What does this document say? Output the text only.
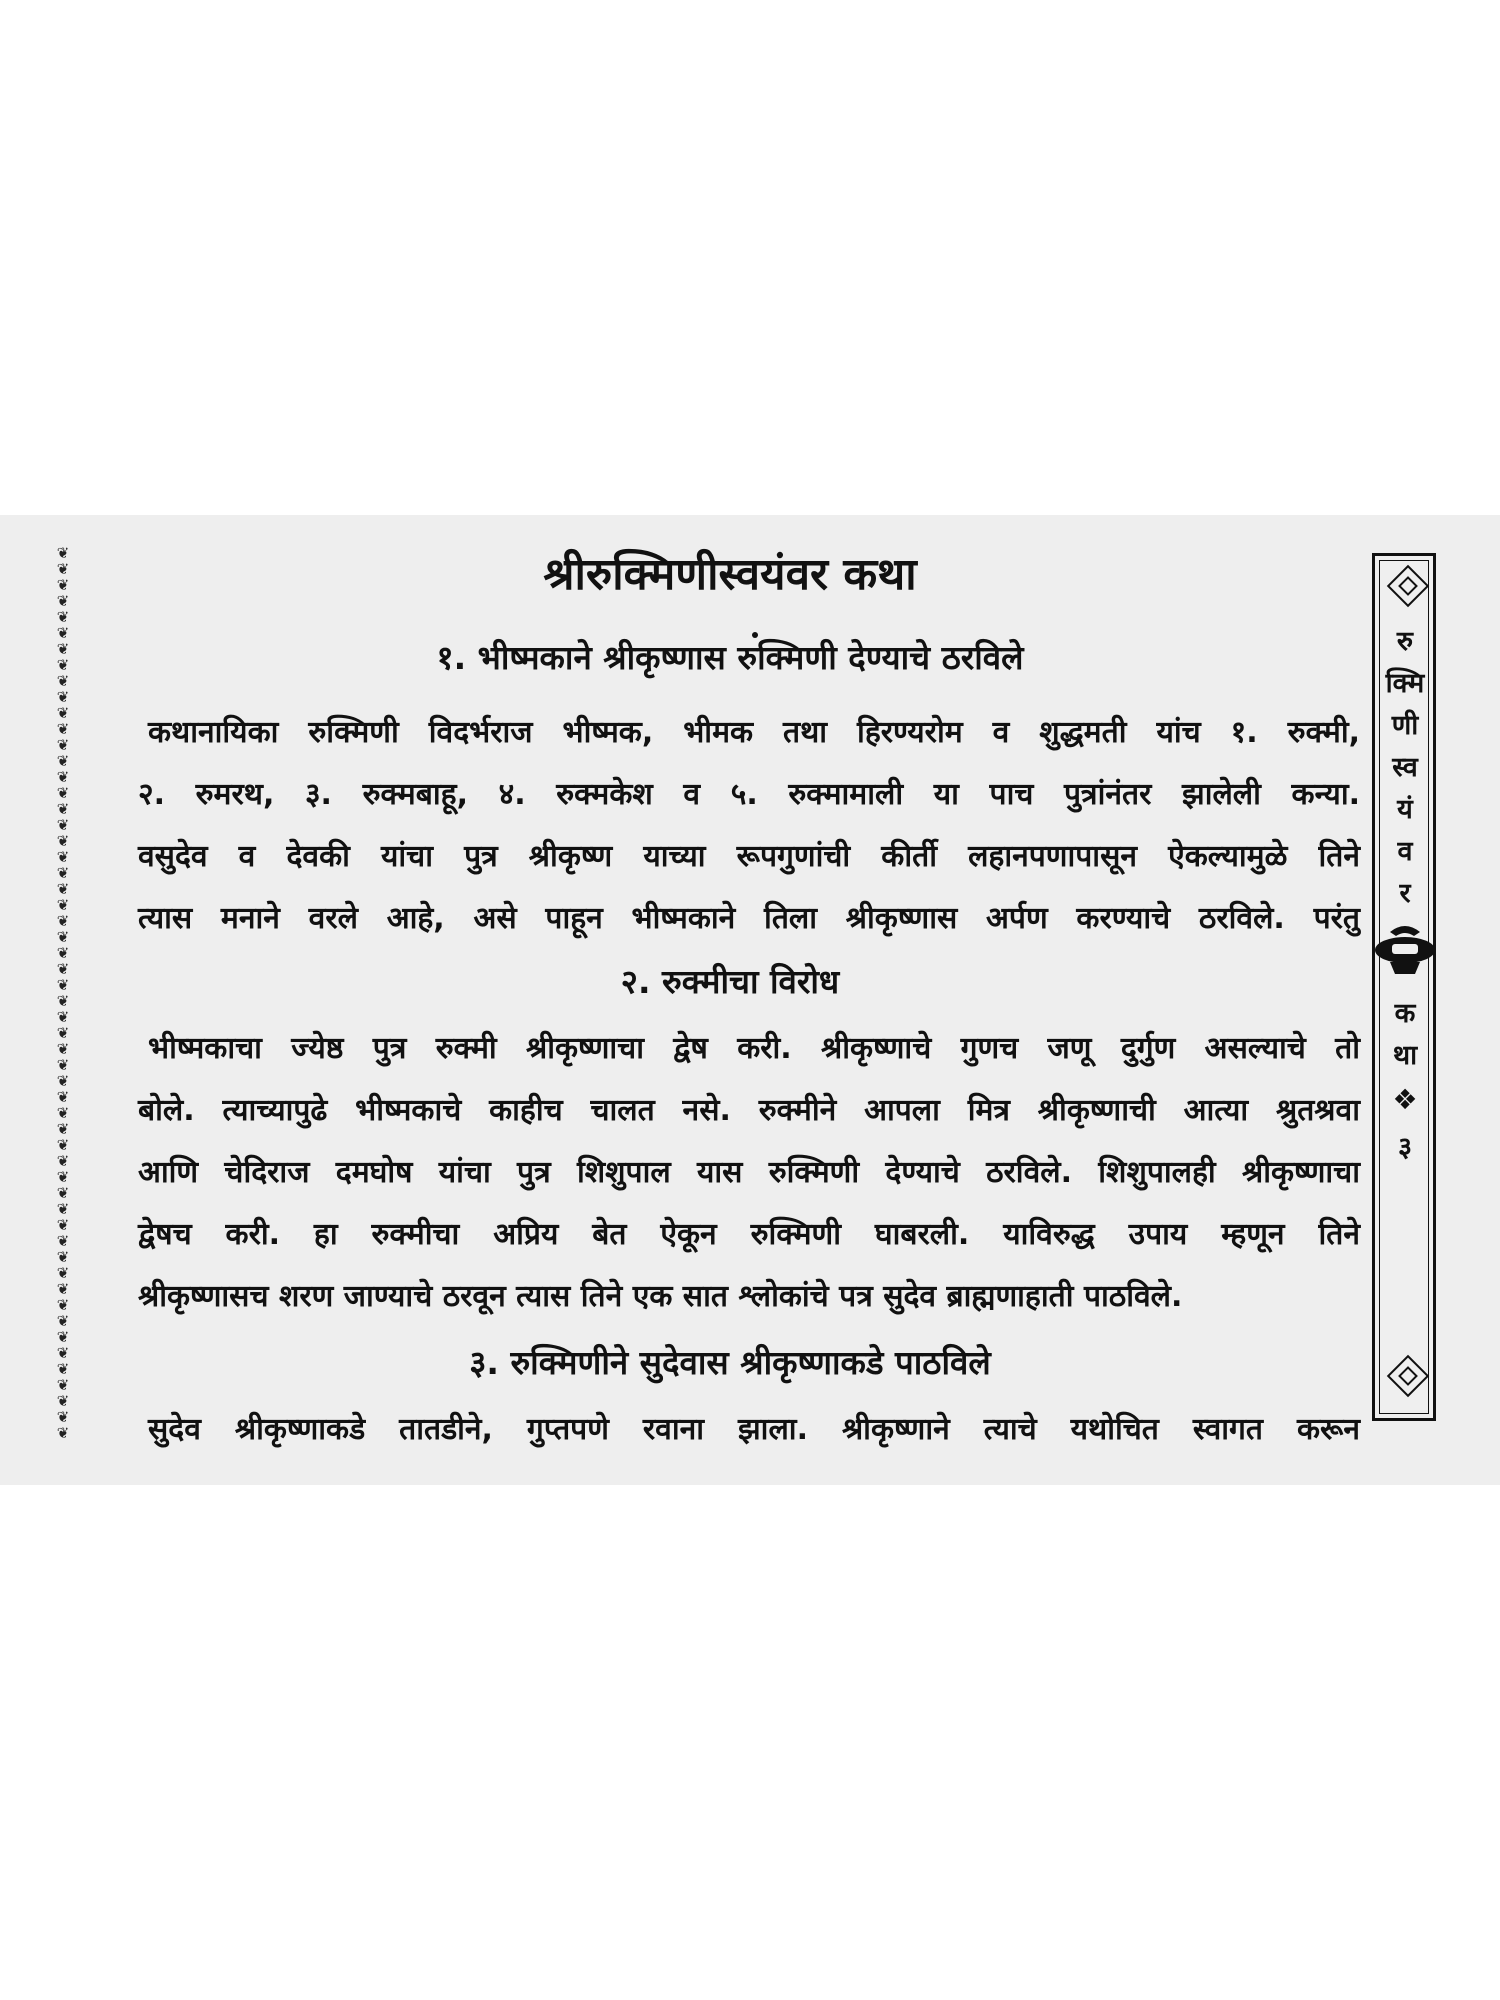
❦❦❦❦❦❦❦❦❦❦❦❦❦❦❦❦❦❦❦❦❦❦❦❦❦❦❦❦❦❦❦❦❦❦❦❦❦❦❦❦❦❦❦❦❦❦❦❦❦❦❦❦❦❦❦❦
श्रीरुक्मिणीस्वयंवर कथा
१. भीष्मकाने श्रीकृष्णास रुक्मिणी देण्याचे ठरविले
कथानायिका रुक्मिणी विदर्भराज भीष्मक, भीमक तथा हिरण्यरोम व शुद्धमती यांच १. रुक्मी,
२. रुमरथ, ३. रुक्मबाहू, ४. रुक्मकेश व ५. रुक्मामाली या पाच पुत्रांनंतर झालेली कन्या.
वसुदेव व देवकी यांचा पुत्र श्रीकृष्ण याच्या रूपगुणांची कीर्ती लहानपणापासून ऐकल्यामुळे तिने
त्यास मनाने वरले आहे, असे पाहून भीष्मकाने तिला श्रीकृष्णास अर्पण करण्याचे ठरविले. परंतु
२. रुक्मीचा विरोध
भीष्मकाचा ज्येष्ठ पुत्र रुक्मी श्रीकृष्णाचा द्वेष करी. श्रीकृष्णाचे गुणच जणू दुर्गुण असल्याचे तो
बोले. त्याच्यापुढे भीष्मकाचे काहीच चालत नसे. रुक्मीने आपला मित्र श्रीकृष्णाची आत्या श्रुतश्रवा
आणि चेदिराज दमघोष यांचा पुत्र शिशुपाल यास रुक्मिणी देण्याचे ठरविले. शिशुपालही श्रीकृष्णाचा
द्वेषच करी. हा रुक्मीचा अप्रिय बेत ऐकून रुक्मिणी घाबरली. याविरुद्ध उपाय म्हणून तिने
श्रीकृष्णासच शरण जाण्याचे ठरवून त्यास तिने एक सात श्लोकांचे पत्र सुदेव ब्राह्मणाहाती पाठविले.
३. रुक्मिणीने सुदेवास श्रीकृष्णाकडे पाठविले
सुदेव श्रीकृष्णाकडे तातडीने, गुप्तपणे रवाना झाला. श्रीकृष्णाने त्याचे यथोचित स्वागत करून
रु
क्मि
णी
स्व
यं
व
र
क
था
❖
३
